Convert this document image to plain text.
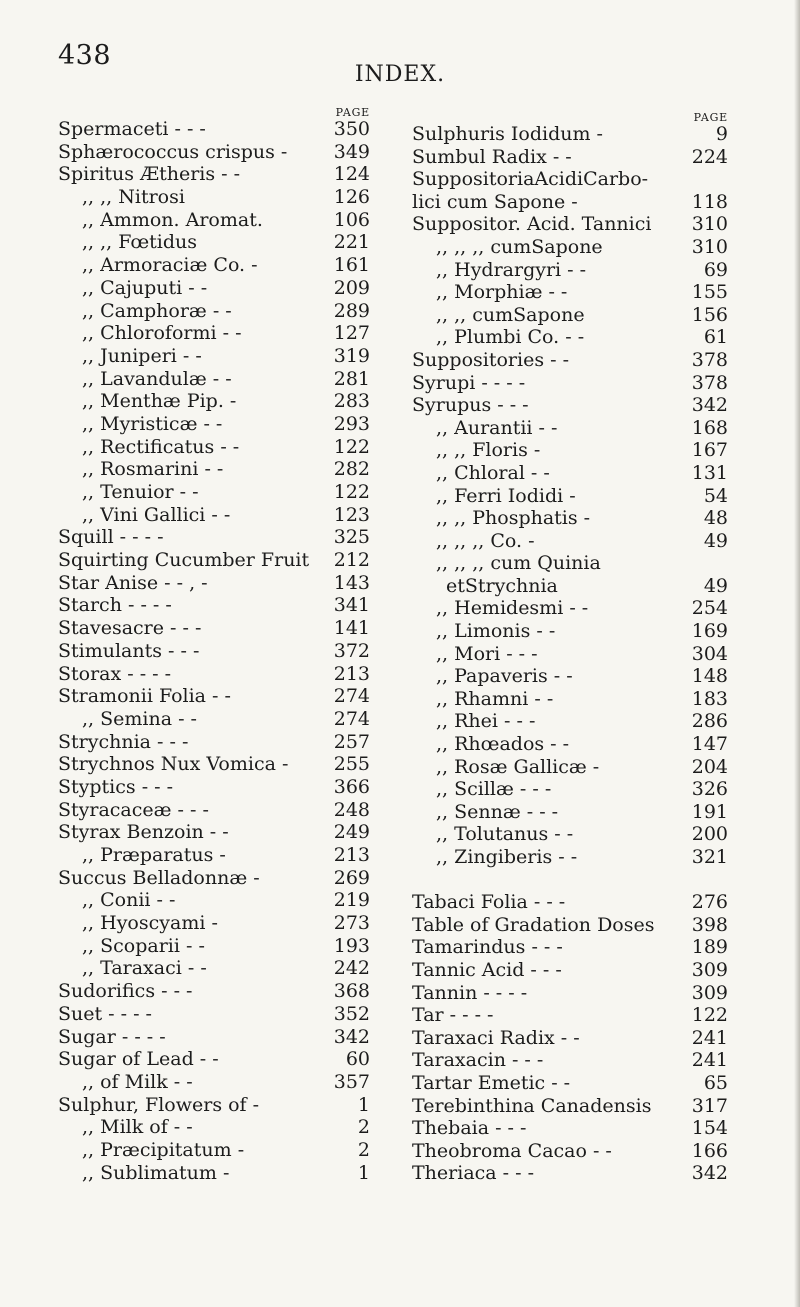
438
INDEX.
PAGE
Spermaceti - - -	350
Sphærococcus crispus - 349
Spiritus Ætheris - -	124
,, ,, Nitrosi	126
,, Ammon. Aromat.	106
,, ,, Fœtidus	221
,, Armoraciæ Co. -	161
,, Cajuputi - -	209
,, Camphoræ - -	289
,, Chloroformi - -	127
,, Juniperi - -	319
,, Lavandulæ - -	281
,, Menthæ Pip. -	283
,, Myristicæ - -	293
,, Rectificatus - -	122
,, Rosmarini - -	282
,, Tenuior - -	122
,, Vini Gallici - -	123
Squill - - - -	325
Squirting Cucumber Fruit 212
Star Anise - - , -	143
Starch - - - -	341
Stavesacre - - -	141
Stimulants - - -	372
Storax - - - -	213
Stramonii Folia - -	274
,, Semina - -	274
Strychnia - - -	257
Strychnos Nux Vomica - 255
Styptics - - -	366
Styracaceæ - - -	248
Styrax Benzoin - -	249
,, Præparatus -	213
Succus Belladonnæ -	269
,, Conii - -	219
,, Hyoscyami -	273
,, Scoparii - -	193
,, Taraxaci - -	242
Sudorifics - - -	368
Suet - - - -	352
Sugar - - - -	342
Sugar of Lead - -	60
,, of Milk - -	357
Sulphur, Flowers of -	1
,, Milk of - -	2
,, Præcipitatum -	2
,, Sublimatum -	1
PAGE
Sulphuris Iodidum -	9
Sumbul Radix - -	224
SuppositoriaAcidiCarbo-
lici cum Sapone -	118
Suppositor. Acid. Tannici 310
,, ,, ,, cumSapone	310
,, Hydrargyri - -	69
,, Morphiæ - -	155
,, ,, cumSapone	156
,, Plumbi Co. - -	61
Suppositories - -	378
Syrupi - - - -	378
Syrupus - - -	342
,, Aurantii - -	168
,, ,, Floris -	167
,, Chloral - -	131
,, Ferri Iodidi -	54
,, ,, Phosphatis -	48
,, ,, ,, Co. -	49
,, ,, ,, cum Quinia
etStrychnia	49
,, Hemidesmi - -	254
,, Limonis - -	169
,, Mori - - -	304
,, Papaveris - -	148
,, Rhamni - -	183
,, Rhei - - -	286
,, Rhœados - -	147
,, Rosæ Gallicæ -	204
,, Scillæ - - -	326
,, Sennæ - - -	191
,, Tolutanus - -	200
,, Zingiberis - -	321
Tabaci Folia - - -	276
Table of Gradation Doses 398
Tamarindus - - -	189
Tannic Acid - - -	309
Tannin - - - -	309
Tar - - - -	122
Taraxaci Radix - -	241
Taraxacin - - -	241
Tartar Emetic - -	65
Terebinthina Canadensis 317
Thebaia - - -	154
Theobroma Cacao - -	166
Theriaca - - -	342
